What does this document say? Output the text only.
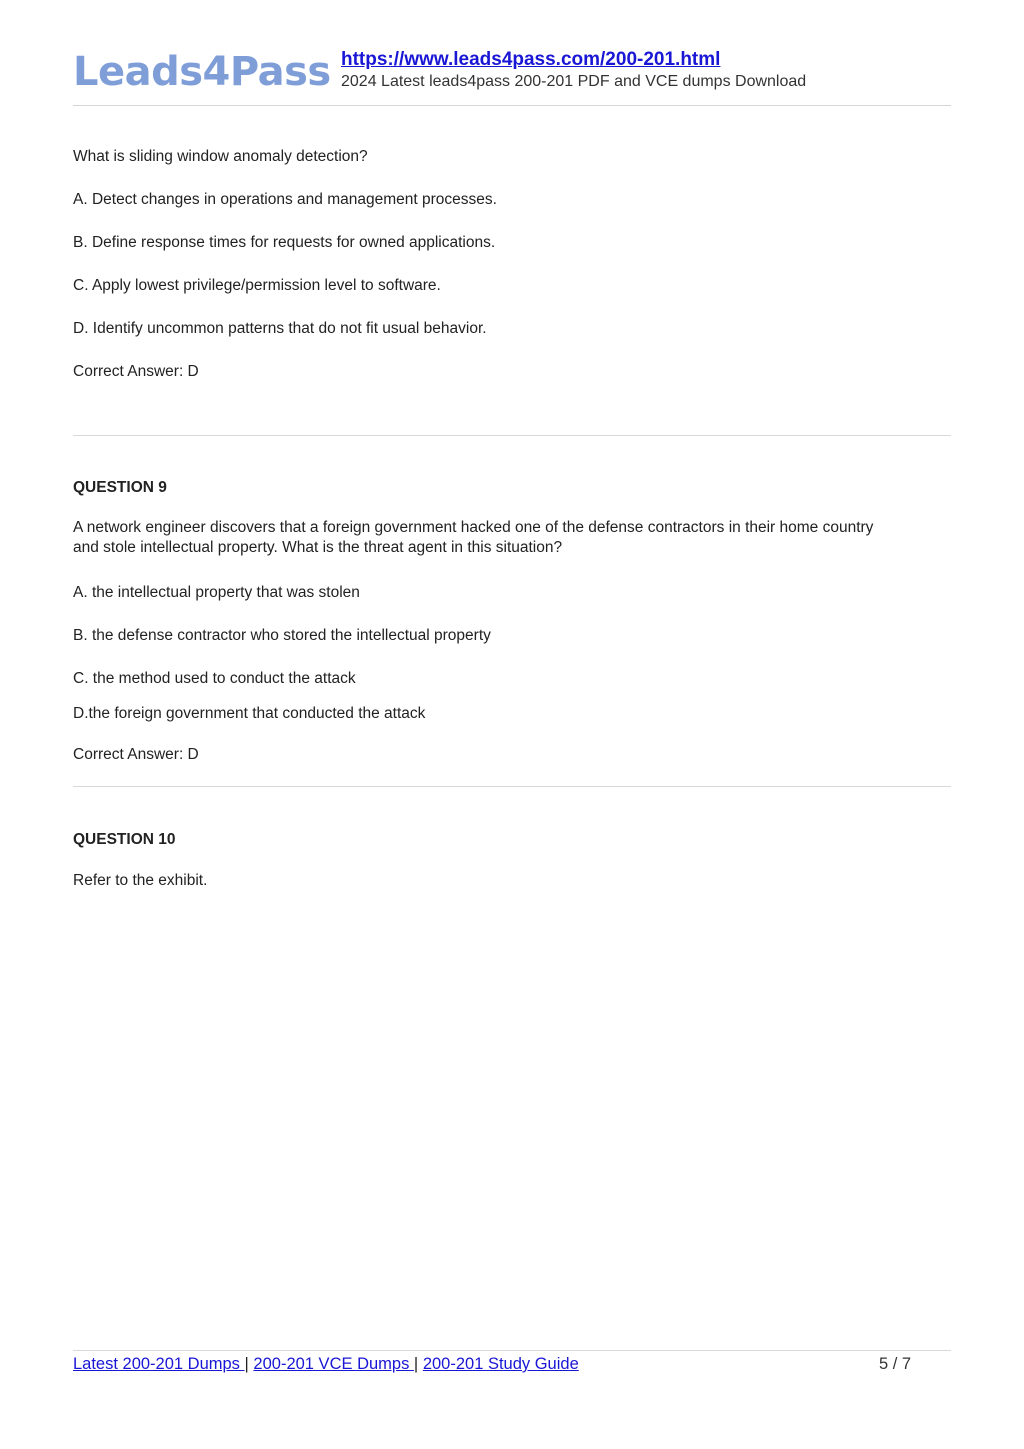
Leads4Pass https://www.leads4pass.com/200-201.html
2024 Latest leads4pass 200-201 PDF and VCE dumps Download

What is sliding window anomaly detection?

A. Detect changes in operations and management processes.

B. Define response times for requests for owned applications.

C. Apply lowest privilege/permission level to software.

D. Identify uncommon patterns that do not fit usual behavior.

Correct Answer: D

QUESTION 9

A network engineer discovers that a foreign government hacked one of the defense contractors in their home country

and stole intellectual property. What is the threat agent in this situation?

A. the intellectual property that was stolen

B. the defense contractor who stored the intellectual property

C. the method used to conduct the attack

D.the foreign government that conducted the attack

Correct Answer: D

QUESTION 10

Refer to the exhibit.

Latest 200-201 Dumps | 200-201 VCE Dumps | 200-201 Study Guide	5 / 7
